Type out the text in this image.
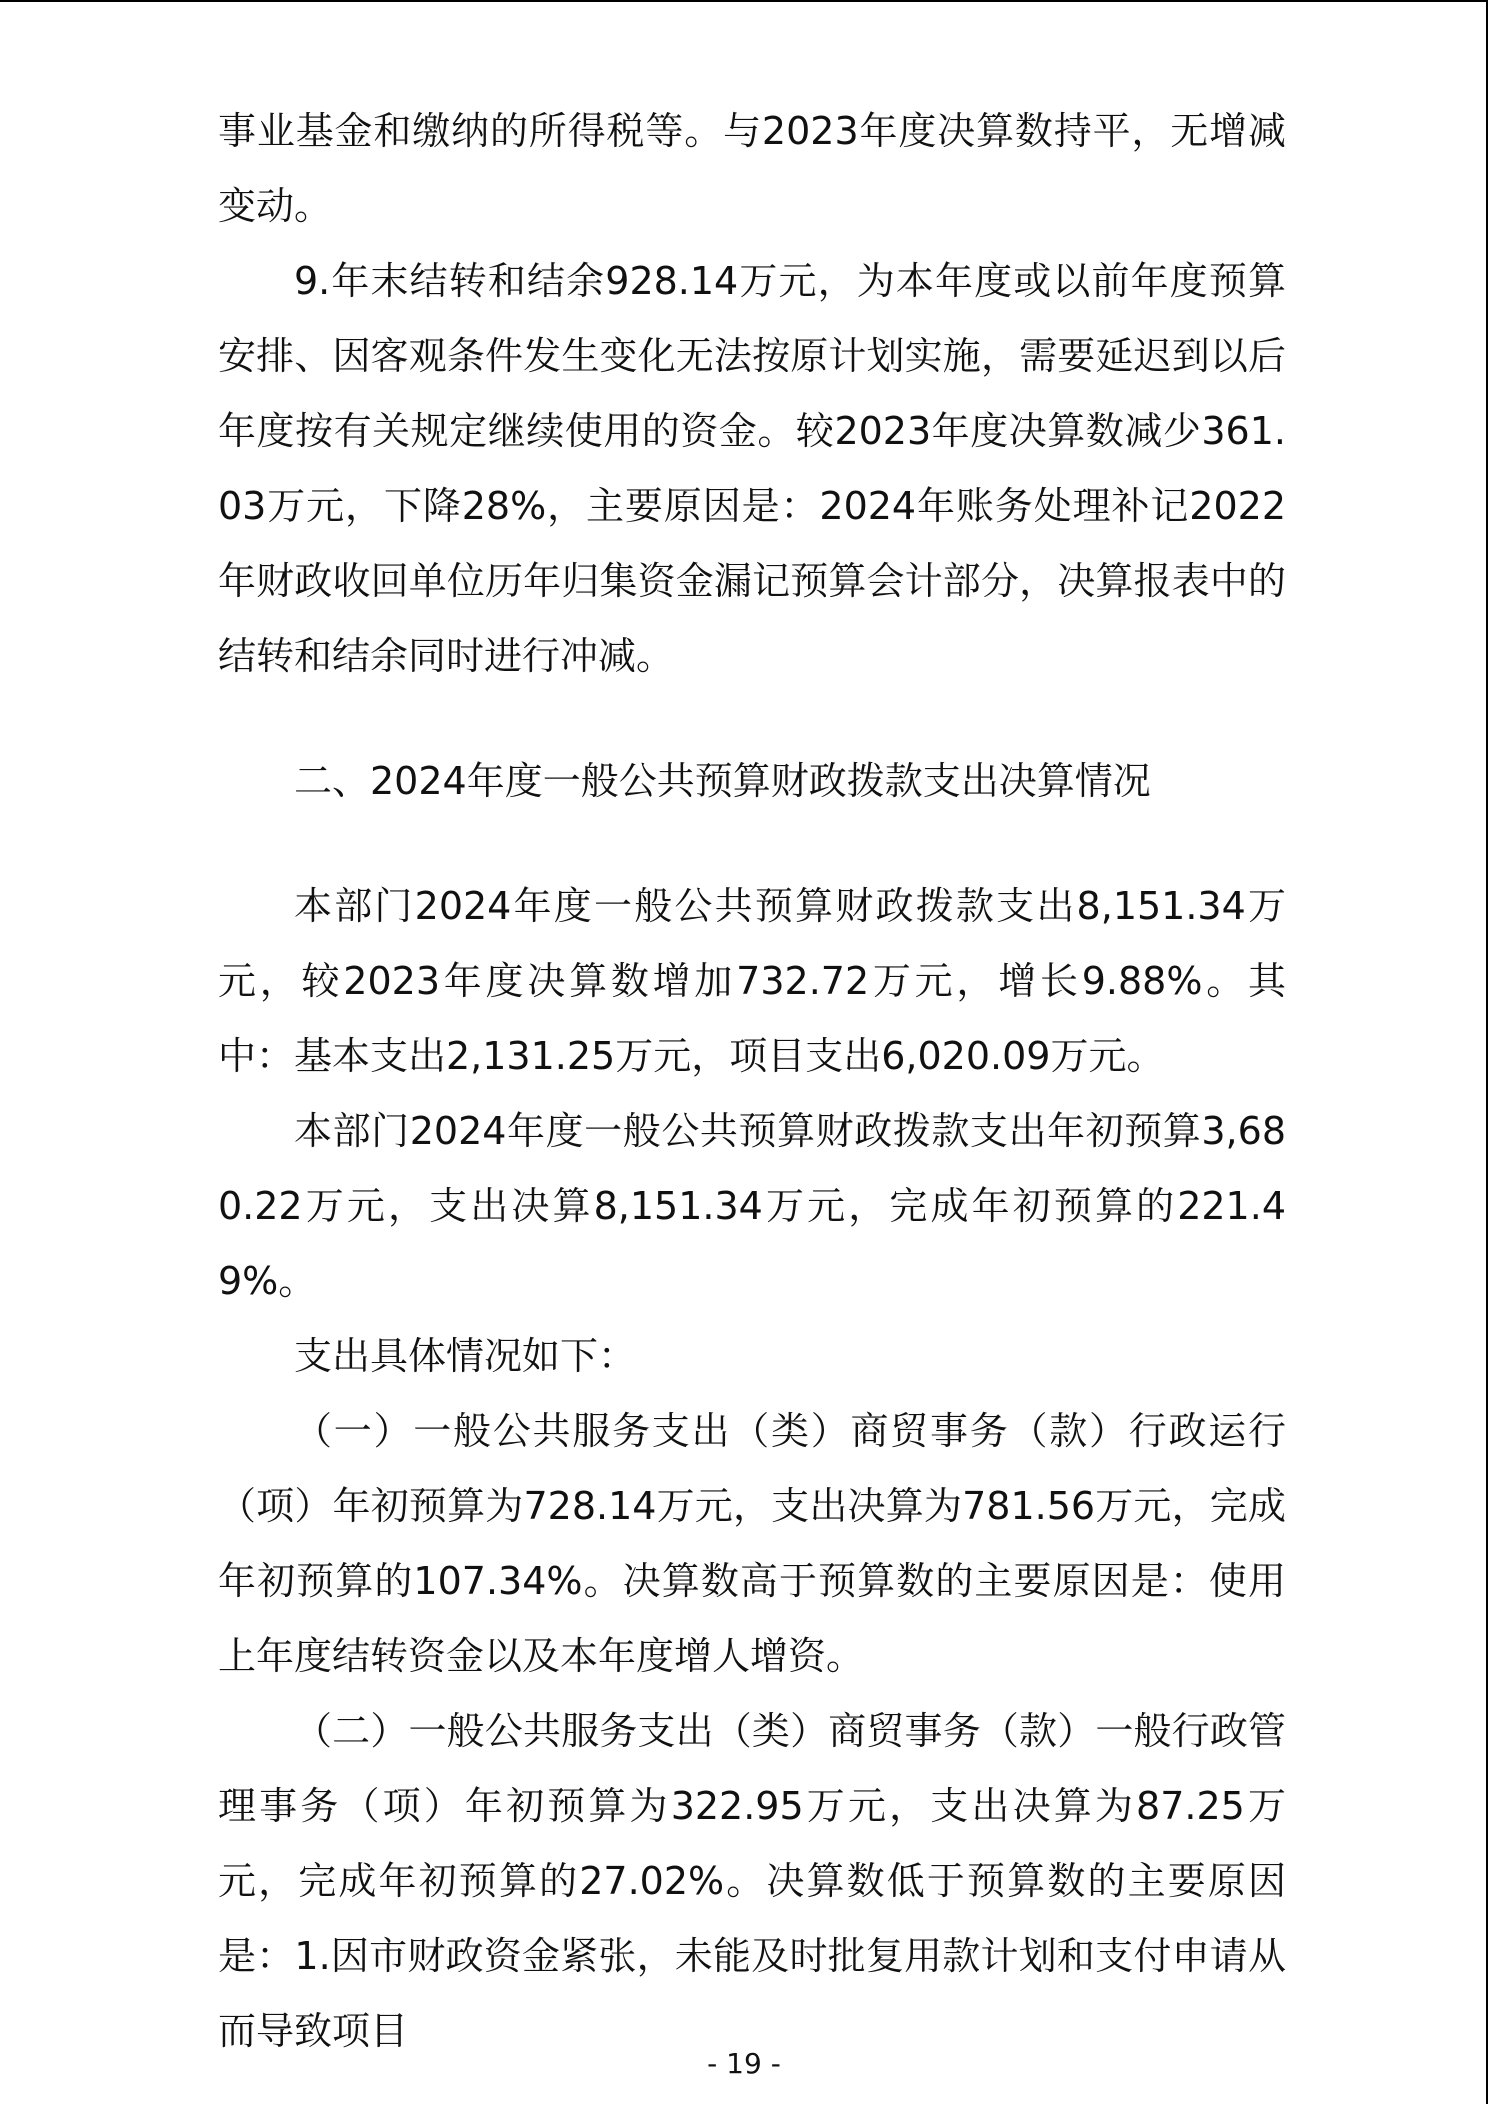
事业基金和缴纳的所得税等。与2023年度决算数持平，无增减变动。

9.年末结转和结余928.14万元，为本年度或以前年度预算安排、因客观条件发生变化无法按原计划实施，需要延迟到以后年度按有关规定继续使用的资金。较2023年度决算数减少361.03万元，下降28%，主要原因是：2024年账务处理补记2022年财政收回单位历年归集资金漏记预算会计部分，决算报表中的结转和结余同时进行冲减。

二、2024年度一般公共预算财政拨款支出决算情况

本部门2024年度一般公共预算财政拨款支出8,151.34万元，较2023年度决算数增加732.72万元，增长9.88%。其中：基本支出2,131.25万元，项目支出6,020.09万元。

本部门2024年度一般公共预算财政拨款支出年初预算3,680.22万元，支出决算8,151.34万元，完成年初预算的221.49%。

支出具体情况如下：

（一）一般公共服务支出（类）商贸事务（款）行政运行（项）年初预算为728.14万元，支出决算为781.56万元，完成年初预算的107.34%。决算数高于预算数的主要原因是：使用上年度结转资金以及本年度增人增资。

（二）一般公共服务支出（类）商贸事务（款）一般行政管理事务（项）年初预算为322.95万元，支出决算为87.25万元，完成年初预算的27.02%。决算数低于预算数的主要原因是：1.因市财政资金紧张，未能及时批复用款计划和支付申请从而导致项目

- 19 -
